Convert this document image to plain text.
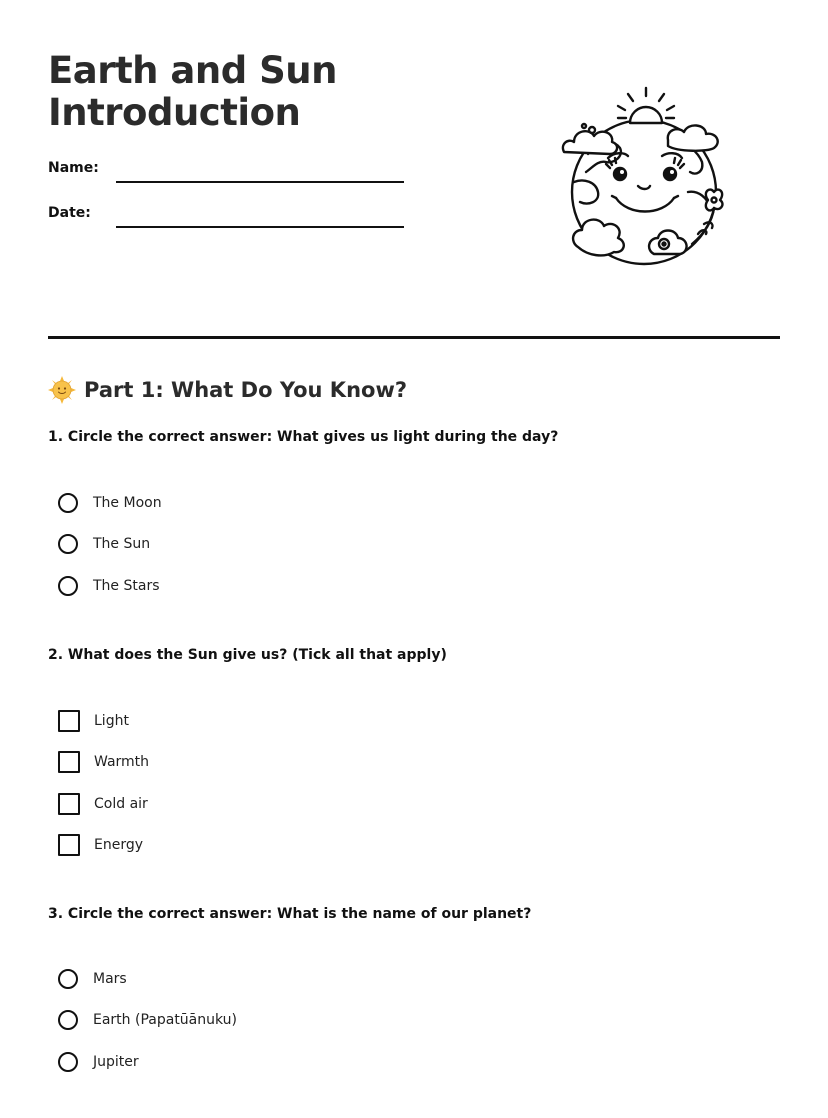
Earth and Sun
Introduction
Name:
Date:
Part 1: What Do You Know?

1. Circle the correct answer: What gives us light during the day?

The Moon
The Sun
The Stars

2. What does the Sun give us? (Tick all that apply)

Light
Warmth
Cold air
Energy

3. Circle the correct answer: What is the name of our planet?

Mars
Earth (Papatūānuku)
Jupiter
